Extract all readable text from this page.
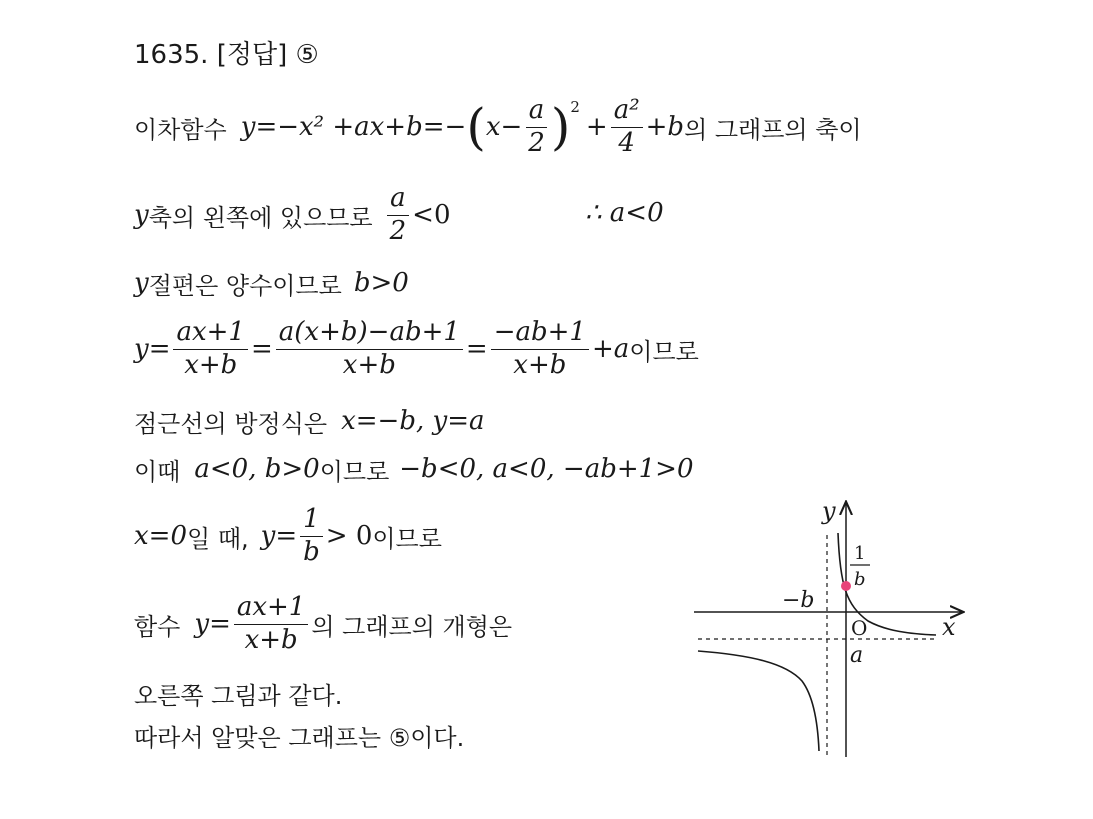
1635. [정답] ⑤
이차함수 y=−x² +ax+b=− ( $x- \frac{a}{2}$ ) 2
+ $\frac{\text{a²}}{4} +b$ 의 그래프의 축이
y 축의 왼쪽에 있으므로 $\frac{a}{2} <0$	∴ a<0
y 절편은 양수이므로 b>0
$y= \frac{ax+1}{x+b} = \frac{a(x+b)-ab+1}{x+b} = \frac{-ab+1}{x+b} +a$ 이므로
점근선의 방정식은 x=−b, y=a
이때 a<0, b>0 이므로 −b<0, a<0, −ab+1>0
x=0 일 때, $y= \frac{1}{b} > 0$ 이므로
함수 $y= \frac{ax+1}{x+b}$ 의 그래프의 개형은
오른쪽 그림과 같다.
따라서 알맞은 그래프는 ⑤이다.
y
x
O
−b
a
1
b
